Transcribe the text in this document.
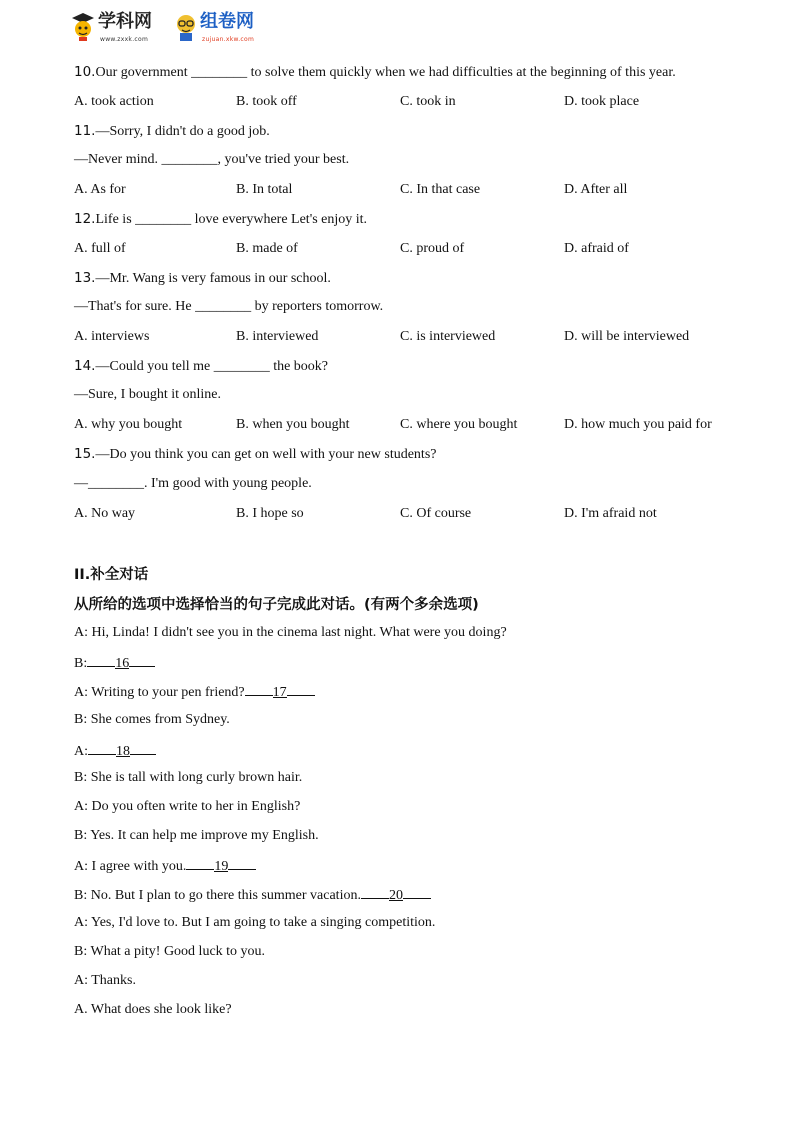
学科网
www.zxxk.com
组卷网
zujuan.xkw.com
10.Our government ________ to solve them quickly when we had difficulties at the beginning of this year.
A. took action	B. took off	C. took in	D. took place
11.—Sorry, I didn't do a good job.
—Never mind. ________, you've tried your best.
A. As for	B. In total	C. In that case	D. After all
12.Life is ________ love everywhere Let's enjoy it.
A. full of	B. made of	C. proud of	D. afraid of
13.—Mr. Wang is very famous in our school.
—That's for sure. He ________ by reporters tomorrow.
A. interviews	B. interviewed	C. is interviewed	D. will be interviewed
14.—Could you tell me ________ the book?
—Sure, I bought it online.
A. why you bought	B. when you bought	C. where you bought	D. how much you paid for
15.—Do you think you can get on well with your new students?
—________. I'm good with young people.
A. No way	B. I hope so	C. Of course	D. I'm afraid not
II.补全对话
从所给的选项中选择恰当的句子完成此对话。(有两个多余选项)
A: Hi, Linda! I didn't see you in the cinema last night. What were you doing?
B: 16
A: Writing to your pen friend? 17
B: She comes from Sydney.
A: 18
B: She is tall with long curly brown hair.
A: Do you often write to her in English?
B: Yes. It can help me improve my English.
A: I agree with you. 19
B: No. But I plan to go there this summer vacation. 20
A: Yes, I'd love to. But I am going to take a singing competition.
B: What a pity! Good luck to you.
A: Thanks.
A. What does she look like?
